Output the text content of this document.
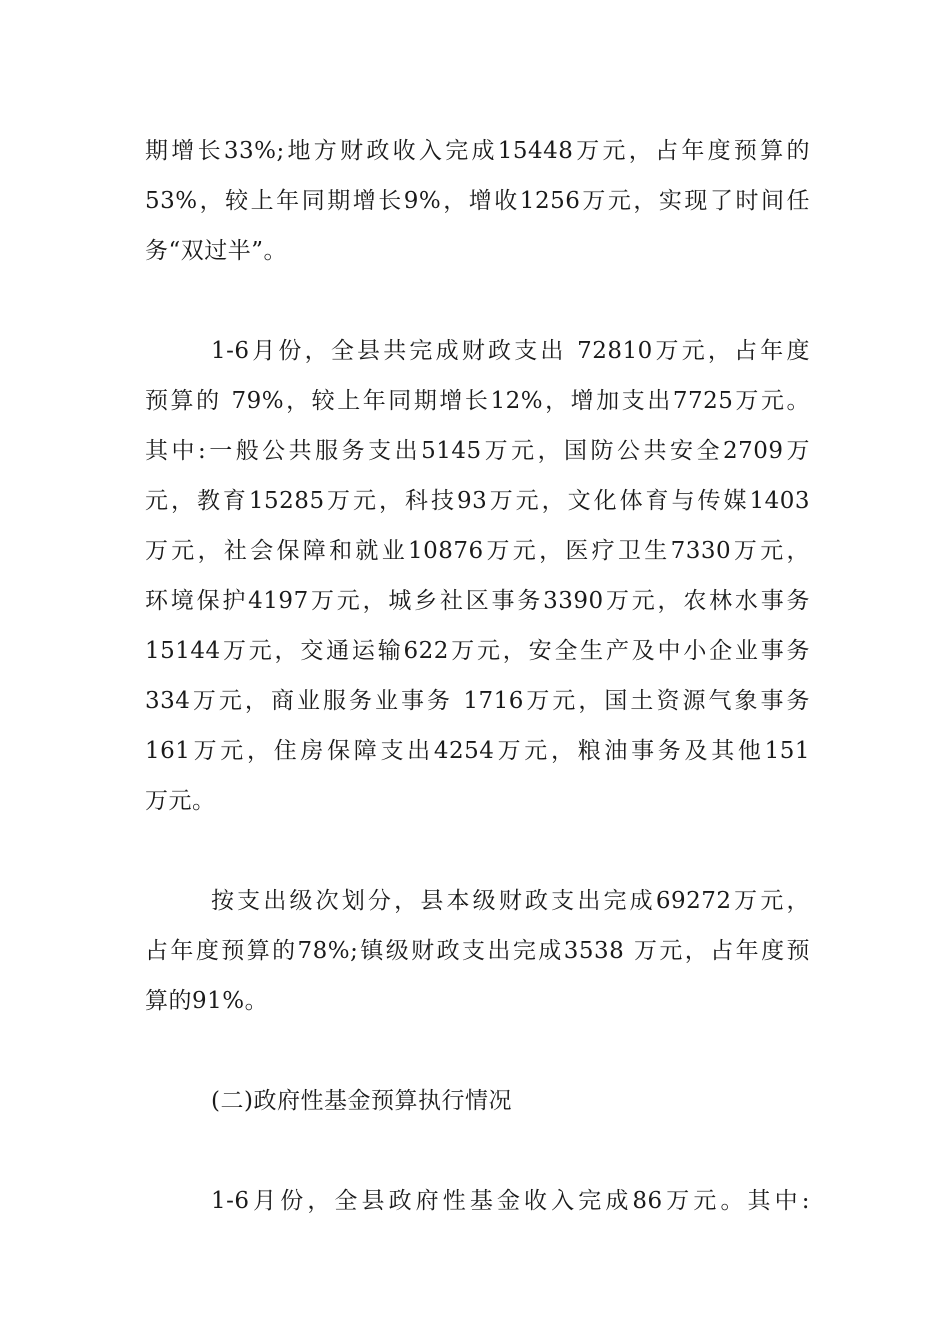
期增长33%;地方财政收入完成15448万元，占年度预算的
53%，较上年同期增长9%，增收1256万元，实现了时间任
务“双过半”。
1-6月份，全县共完成财政支出 72810万元，占年度
预算的 79%，较上年同期增长12%，增加支出7725万元。
其中:一般公共服务支出5145万元，国防公共安全2709万
元，教育15285万元，科技93万元，文化体育与传媒1403
万元，社会保障和就业10876万元，医疗卫生7330万元，
环境保护4197万元，城乡社区事务3390万元，农林水事务
15144万元，交通运输622万元，安全生产及中小企业事务
334万元，商业服务业事务 1716万元，国土资源气象事务
161万元，住房保障支出4254万元，粮油事务及其他151
万元。
按支出级次划分，县本级财政支出完成69272万元，
占年度预算的78%;镇级财政支出完成3538 万元，占年度预
算的91%。
(二)政府性基金预算执行情况
1-6月份，全县政府性基金收入完成86万元。其中:
